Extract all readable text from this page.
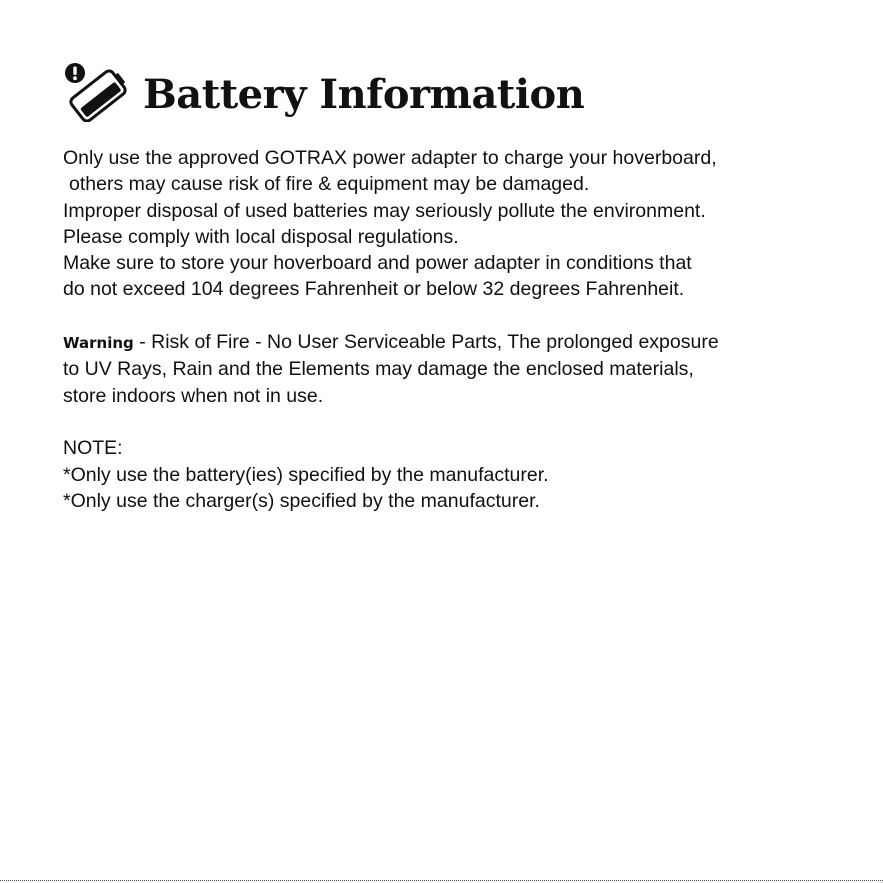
Battery Information
Only use the approved GOTRAX power adapter to charge your hoverboard,
others may cause risk of fire & equipment may be damaged.
Improper disposal of used batteries may seriously pollute the environment.
Please comply with local disposal regulations.
Make sure to store your hoverboard and power adapter in conditions that
do not exceed 104 degrees Fahrenheit or below 32 degrees Fahrenheit.
Warning - Risk of Fire - No User Serviceable Parts, The prolonged exposure
to UV Rays, Rain and the Elements may damage the enclosed materials,
store indoors when not in use.
NOTE:
*Only use the battery(ies) specified by the manufacturer.
*Only use the charger(s) specified by the manufacturer.
